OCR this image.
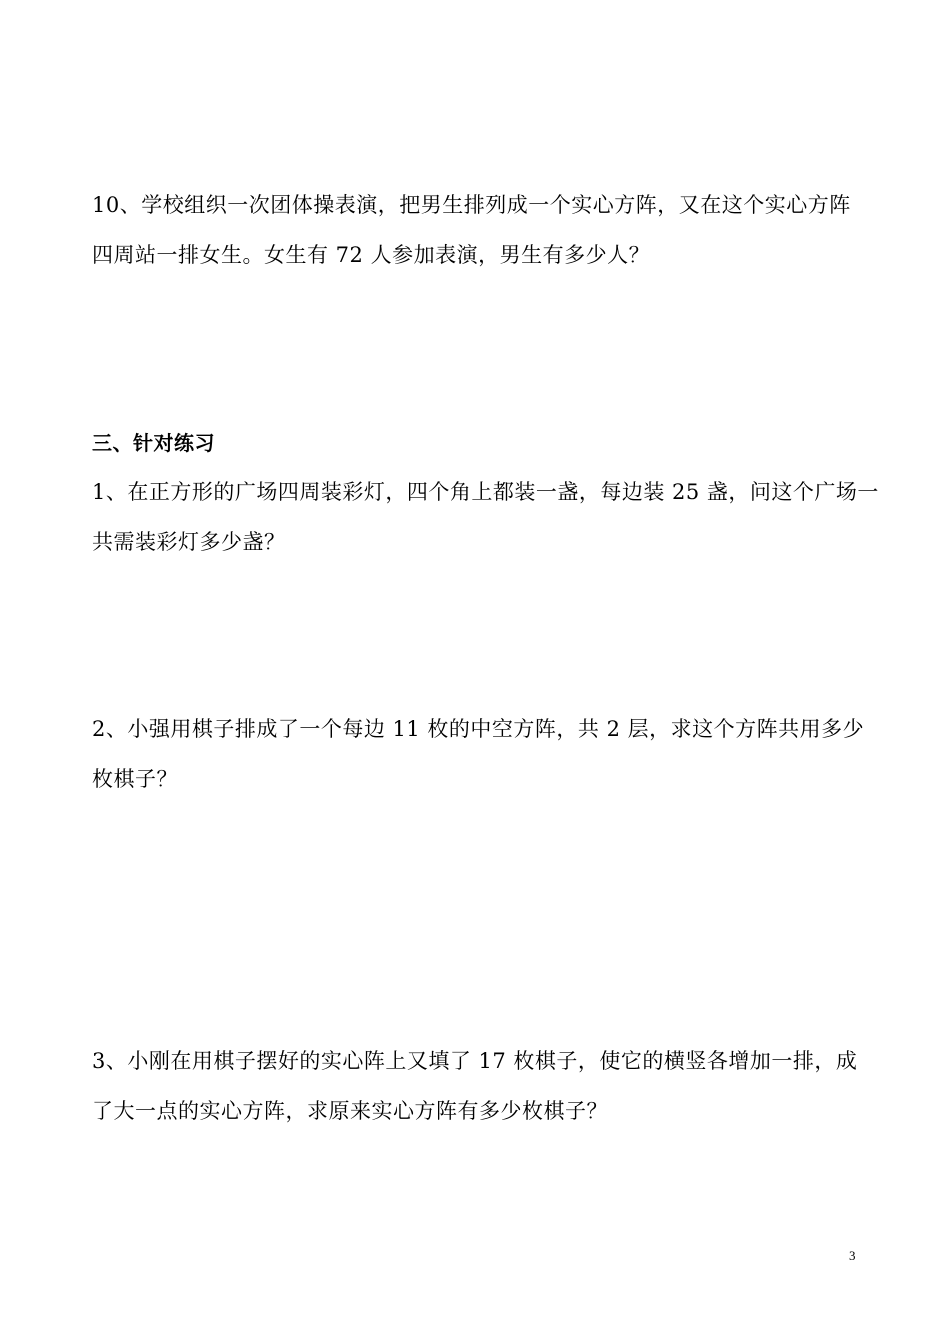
10、学校组织一次团体操表演，把男生排列成一个实心方阵，又在这个实心方阵
四周站一排女生。女生有 72 人参加表演，男生有多少人？
三、针对练习
1、在正方形的广场四周装彩灯，四个角上都装一盏，每边装 25 盏，问这个广场一
共需装彩灯多少盏？
2、小强用棋子排成了一个每边 11 枚的中空方阵，共 2 层，求这个方阵共用多少
枚棋子？
3、小刚在用棋子摆好的实心阵上又填了 17 枚棋子，使它的横竖各增加一排，成
了大一点的实心方阵，求原来实心方阵有多少枚棋子？
3
